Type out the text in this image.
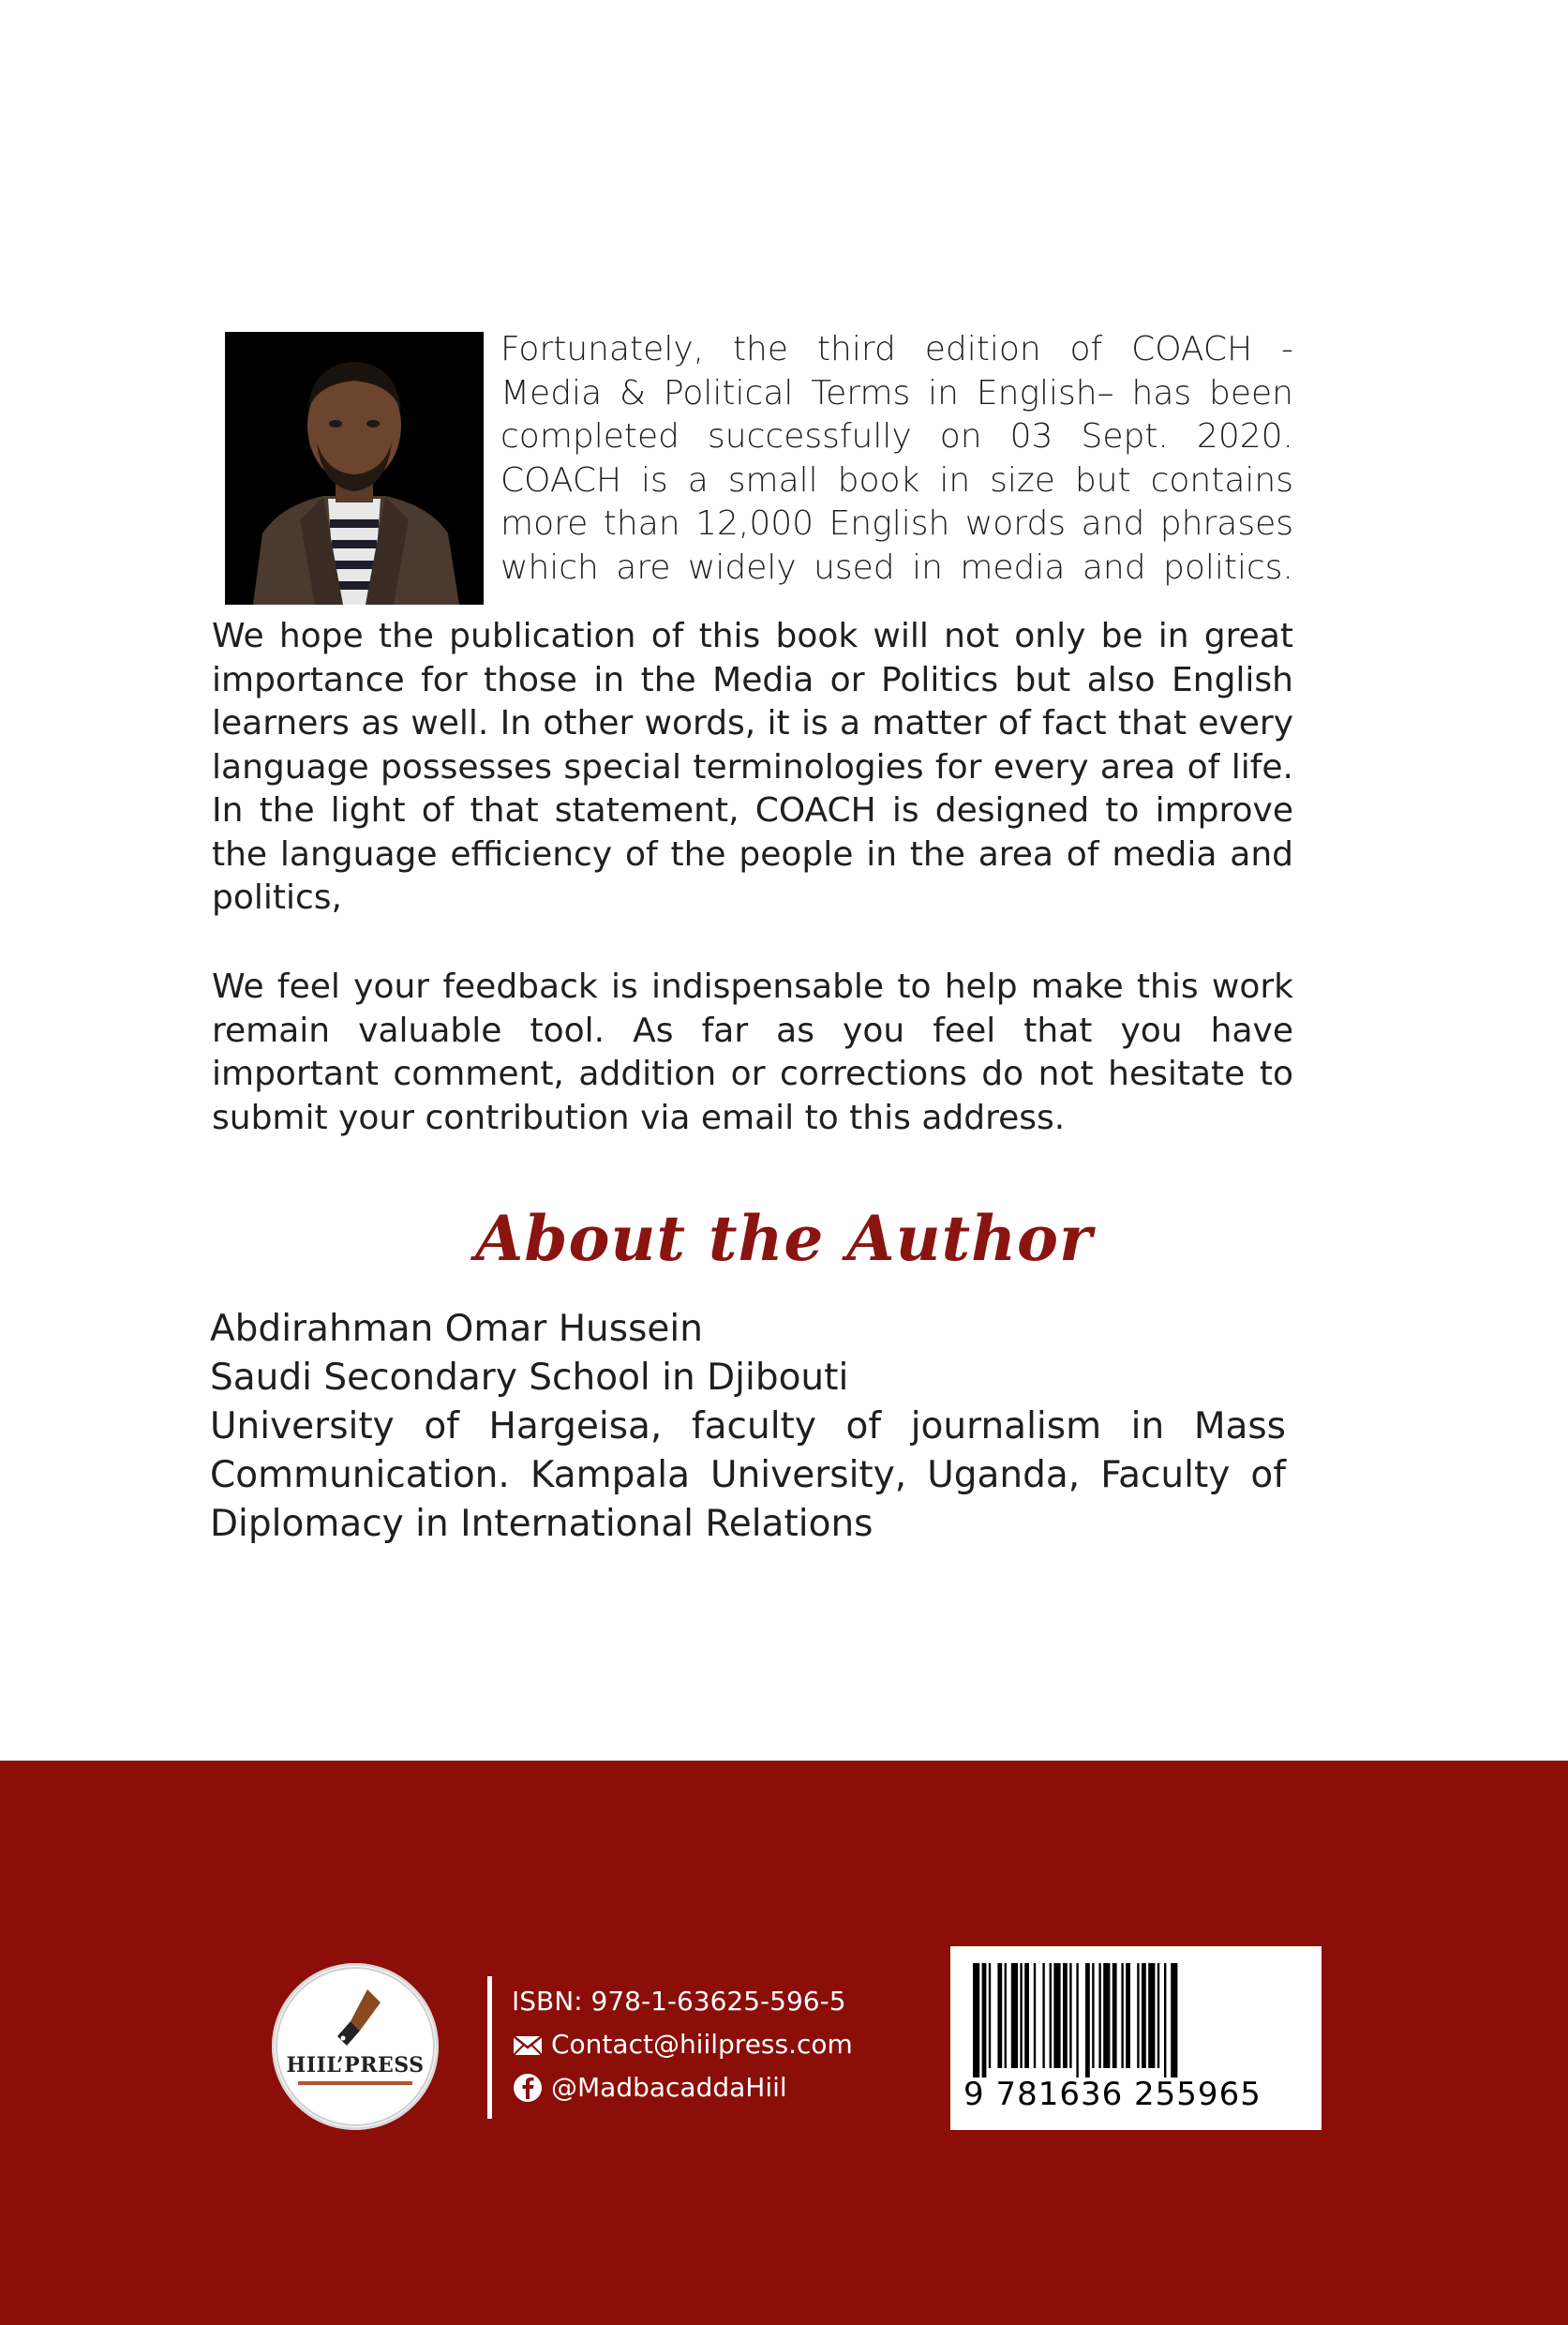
Fortunately, the third edition of COACH - Media & Political Terms in English– has been completed successfully on 03 Sept. 2020. COACH is a small book in size but contains more than 12,000 English words and phrases which are widely used in media and politics.

We hope the publication of this book will not only be in great importance for those in the Media or Politics but also English learners as well. In other words, it is a matter of fact that every language possesses special terminologies for every area of life. In the light of that statement, COACH is designed to improve the language efficiency of the people in the area of media and politics,

We feel your feedback is indispensable to help make this work remain valuable tool. As far as you feel that you have important comment, addition or corrections do not hesitate to submit your contribution via email to this address.

About the Author
Abdirahman Omar Hussein
Saudi Secondary School in Djibouti
University of Hargeisa, faculty of journalism in Mass Communication. Kampala University, Uganda, Faculty of Diplomacy in International Relations
HIIL’PRESS
ISBN: 978-1-63625-596-5
Contact@hiilpress.com
@MadbacaddaHiil	9 781636 255965
